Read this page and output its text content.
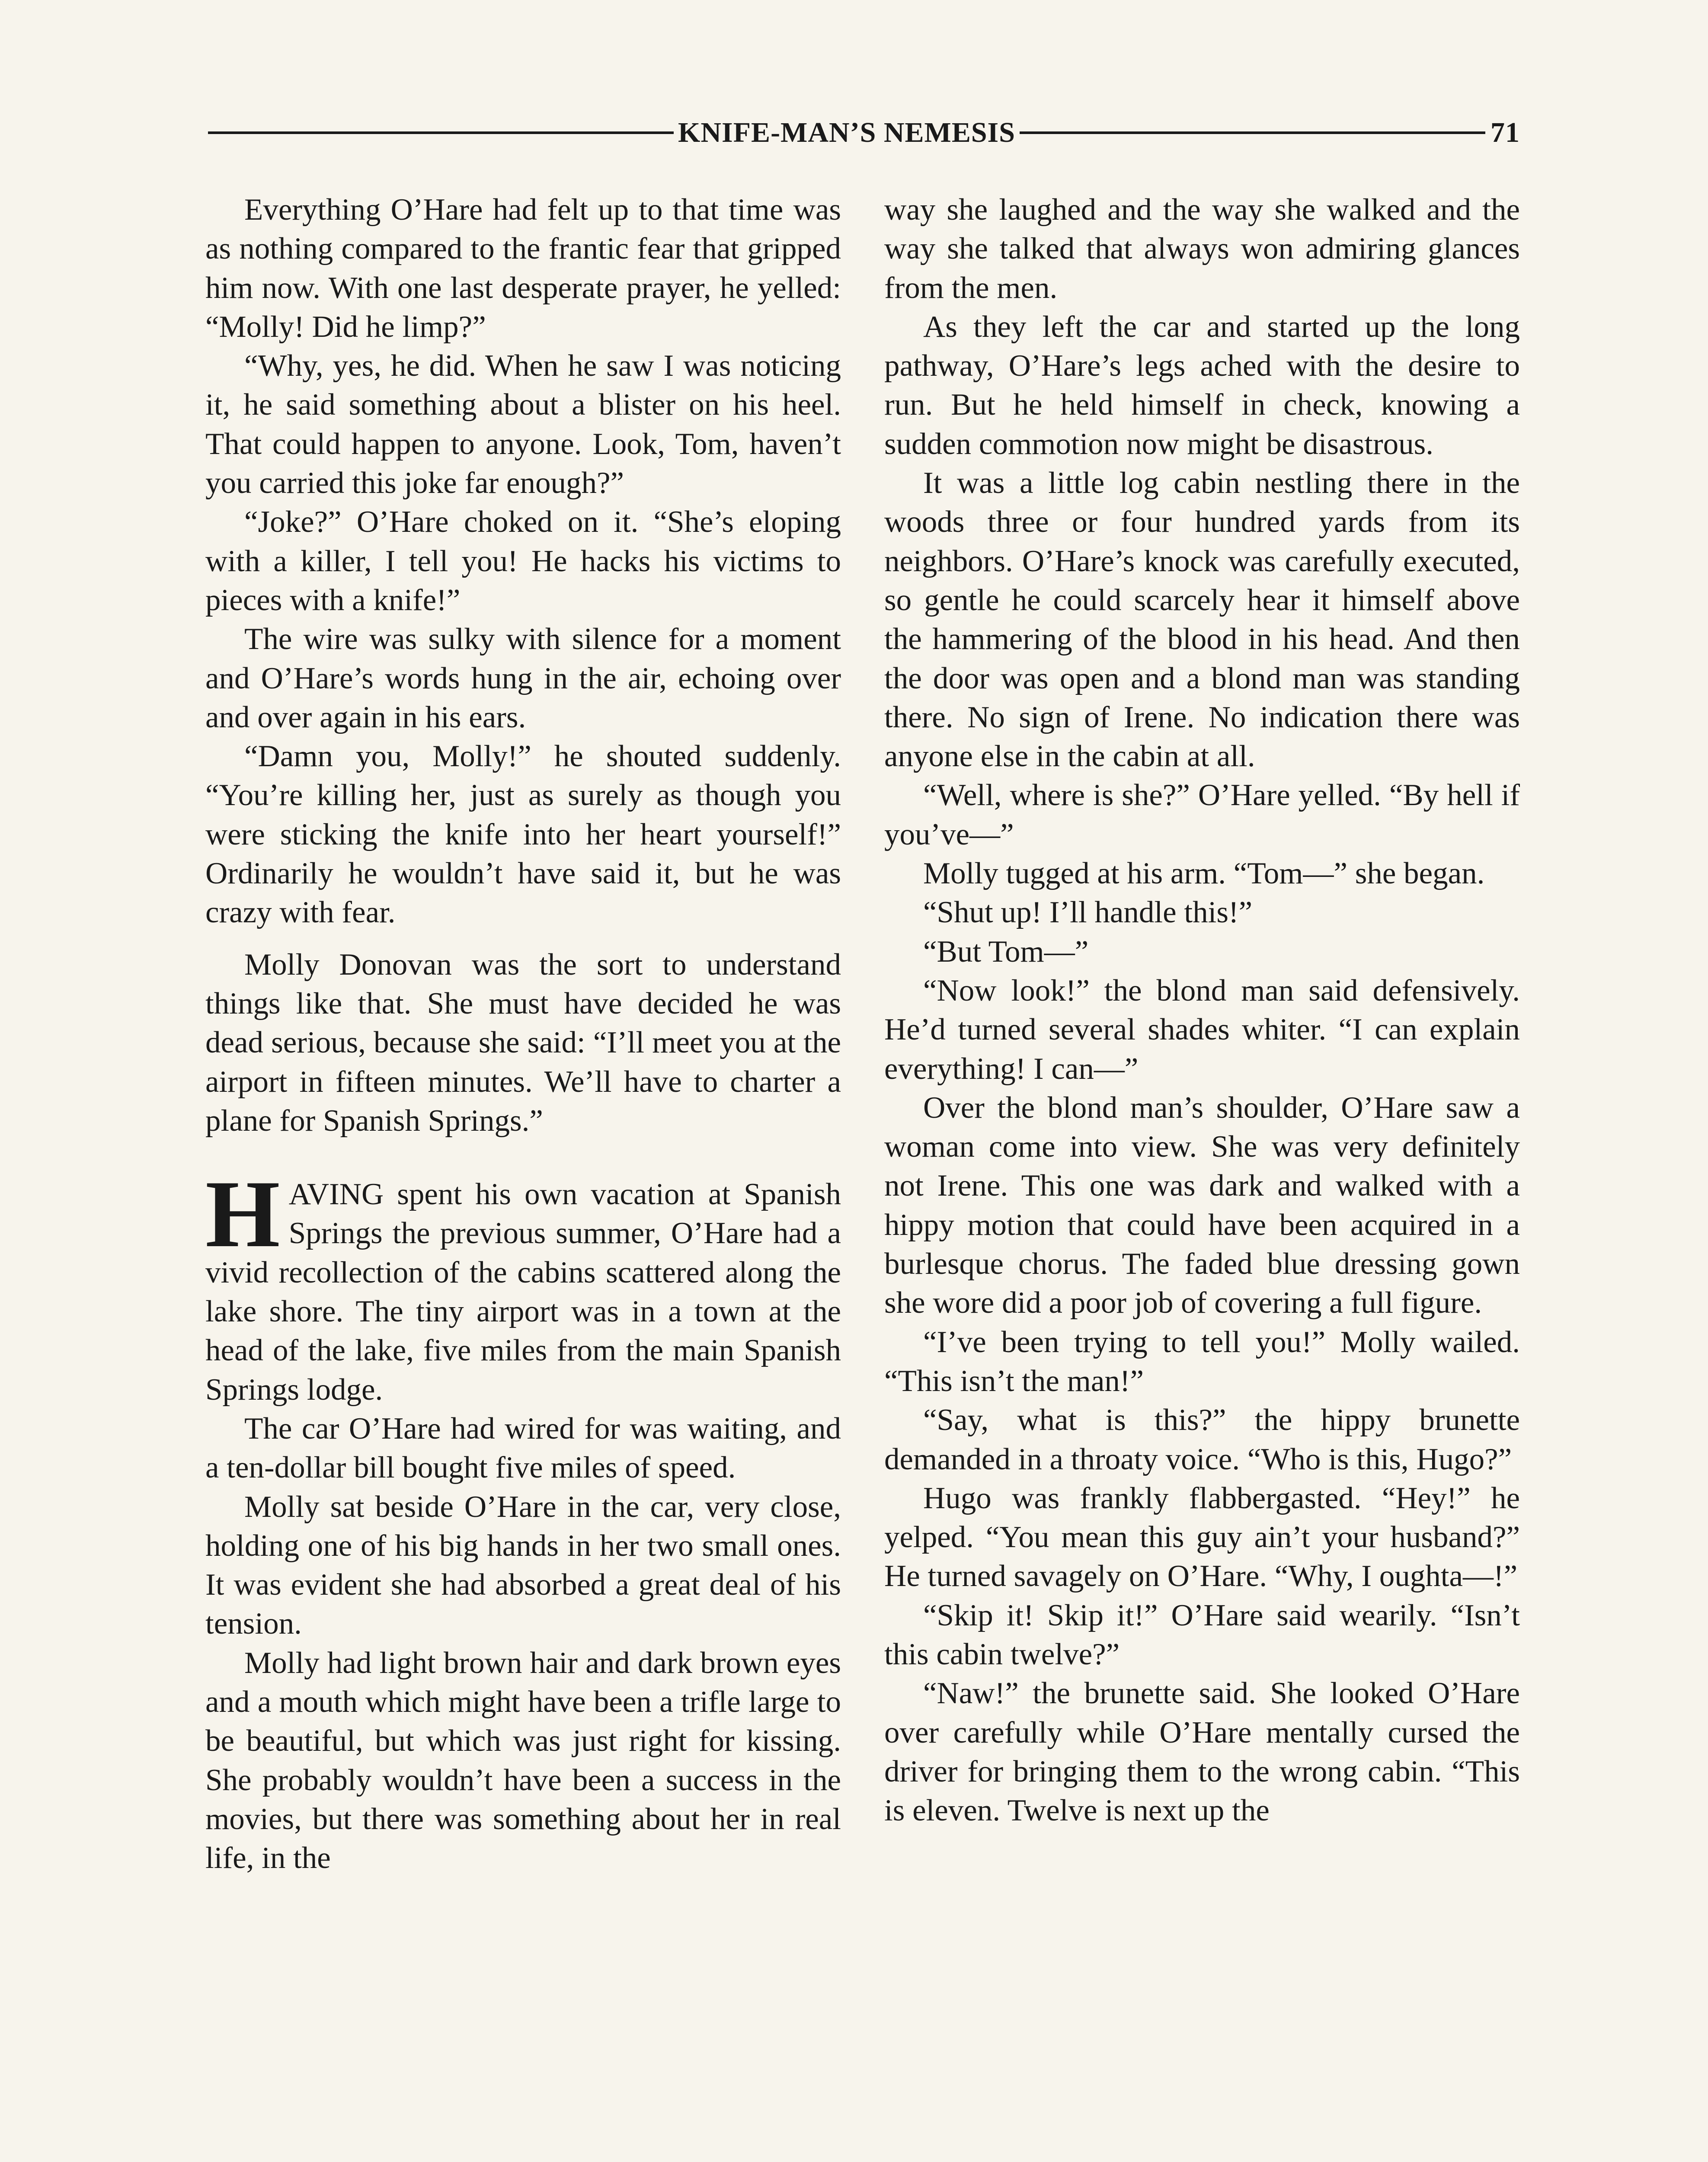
KNIFE-MAN’S NEMESIS	71

Everything O’Hare had felt up to that time was as nothing compared to the frantic fear that gripped him now. With one last desperate prayer, he yelled: “Molly! Did he limp?”

“Why, yes, he did. When he saw I was noticing it, he said something about a blister on his heel. That could happen to anyone. Look, Tom, haven’t you carried this joke far enough?”

“Joke?” O’Hare choked on it. “She’s eloping with a killer, I tell you! He hacks his victims to pieces with a knife!”

The wire was sulky with silence for a moment and O’Hare’s words hung in the air, echoing over and over again in his ears.

“Damn you, Molly!” he shouted suddenly. “You’re killing her, just as surely as though you were sticking the knife into her heart yourself!” Ordinarily he wouldn’t have said it, but he was crazy with fear.

Molly Donovan was the sort to understand things like that. She must have decided he was dead serious, because she said: “I’ll meet you at the airport in fifteen minutes. We’ll have to charter a plane for Spanish Springs.”

HAVING spent his own vacation at Spanish Springs the previous summer, O’Hare had a vivid recollection of the cabins scattered along the lake shore. The tiny airport was in a town at the head of the lake, five miles from the main Spanish Springs lodge.

The car O’Hare had wired for was waiting, and a ten-dollar bill bought five miles of speed.

Molly sat beside O’Hare in the car, very close, holding one of his big hands in her two small ones. It was evident she had absorbed a great deal of his tension.

Molly had light brown hair and dark brown eyes and a mouth which might have been a trifle large to be beautiful, but which was just right for kissing. She probably wouldn’t have been a success in the movies, but there was something about her in real life, in the

way she laughed and the way she walked and the way she talked that always won admiring glances from the men.

As they left the car and started up the long pathway, O’Hare’s legs ached with the desire to run. But he held himself in check, knowing a sudden commotion now might be disastrous.

It was a little log cabin nestling there in the woods three or four hundred yards from its neighbors. O’Hare’s knock was carefully executed, so gentle he could scarcely hear it himself above the hammering of the blood in his head. And then the door was open and a blond man was standing there. No sign of Irene. No indication there was anyone else in the cabin at all.

“Well, where is she?” O’Hare yelled. “By hell if you’ve—”

Molly tugged at his arm. “Tom—” she began.

“Shut up! I’ll handle this!”

“But Tom—”

“Now look!” the blond man said defensively. He’d turned several shades whiter. “I can explain everything! I can—”

Over the blond man’s shoulder, O’Hare saw a woman come into view. She was very definitely not Irene. This one was dark and walked with a hippy motion that could have been acquired in a burlesque chorus. The faded blue dressing gown she wore did a poor job of covering a full figure.

“I’ve been trying to tell you!” Molly wailed. “This isn’t the man!”

“Say, what is this?” the hippy brunette demanded in a throaty voice. “Who is this, Hugo?”

Hugo was frankly flabbergasted. “Hey!” he yelped. “You mean this guy ain’t your husband?” He turned savagely on O’Hare. “Why, I oughta—!”

“Skip it! Skip it!” O’Hare said wearily. “Isn’t this cabin twelve?”

“Naw!” the brunette said. She looked O’Hare over carefully while O’Hare mentally cursed the driver for bringing them to the wrong cabin. “This is eleven. Twelve is next up the
